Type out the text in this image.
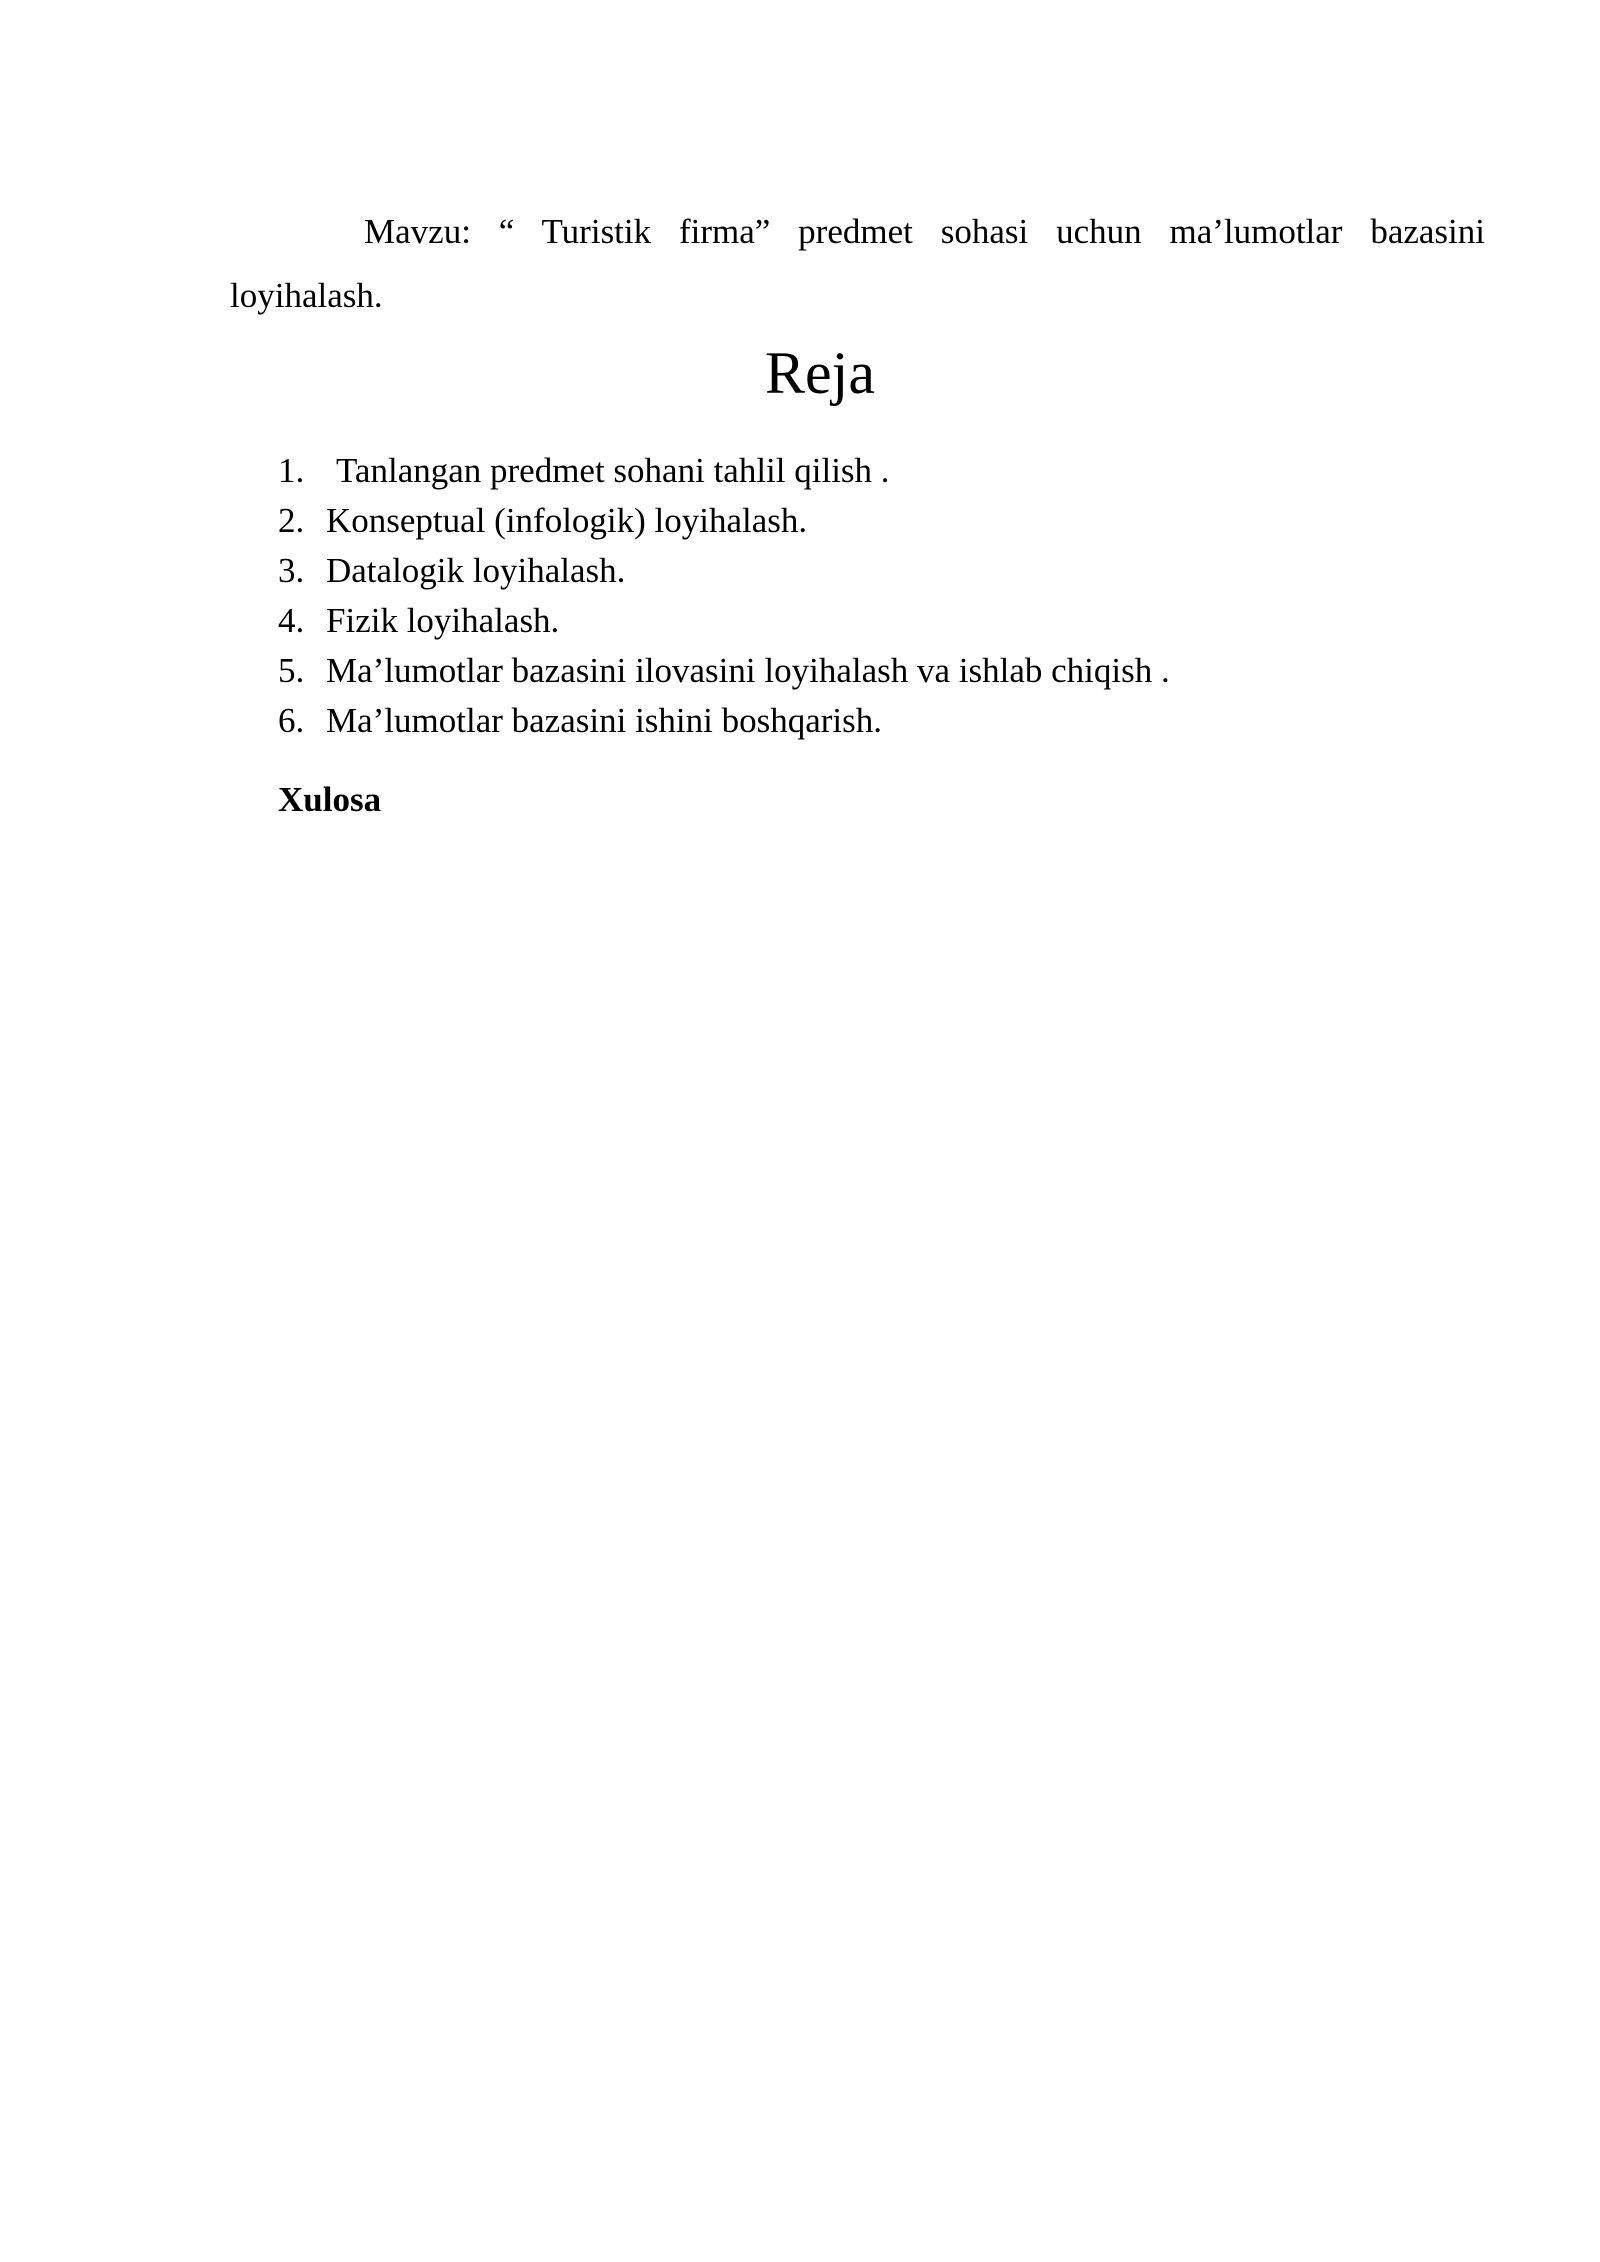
Mavzu: “ Turistik firma” predmet sohasi uchun ma’lumotlar bazasini loyihalash.

Reja
1. Tanlangan predmet sohani tahlil qilish .
2. Konseptual (infologik) loyihalash.
3. Datalogik loyihalash.
4. Fizik loyihalash.
5. Ma’lumotlar bazasini ilovasini loyihalash va ishlab chiqish .
6. Ma’lumotlar bazasini ishini boshqarish.
Xulosa
